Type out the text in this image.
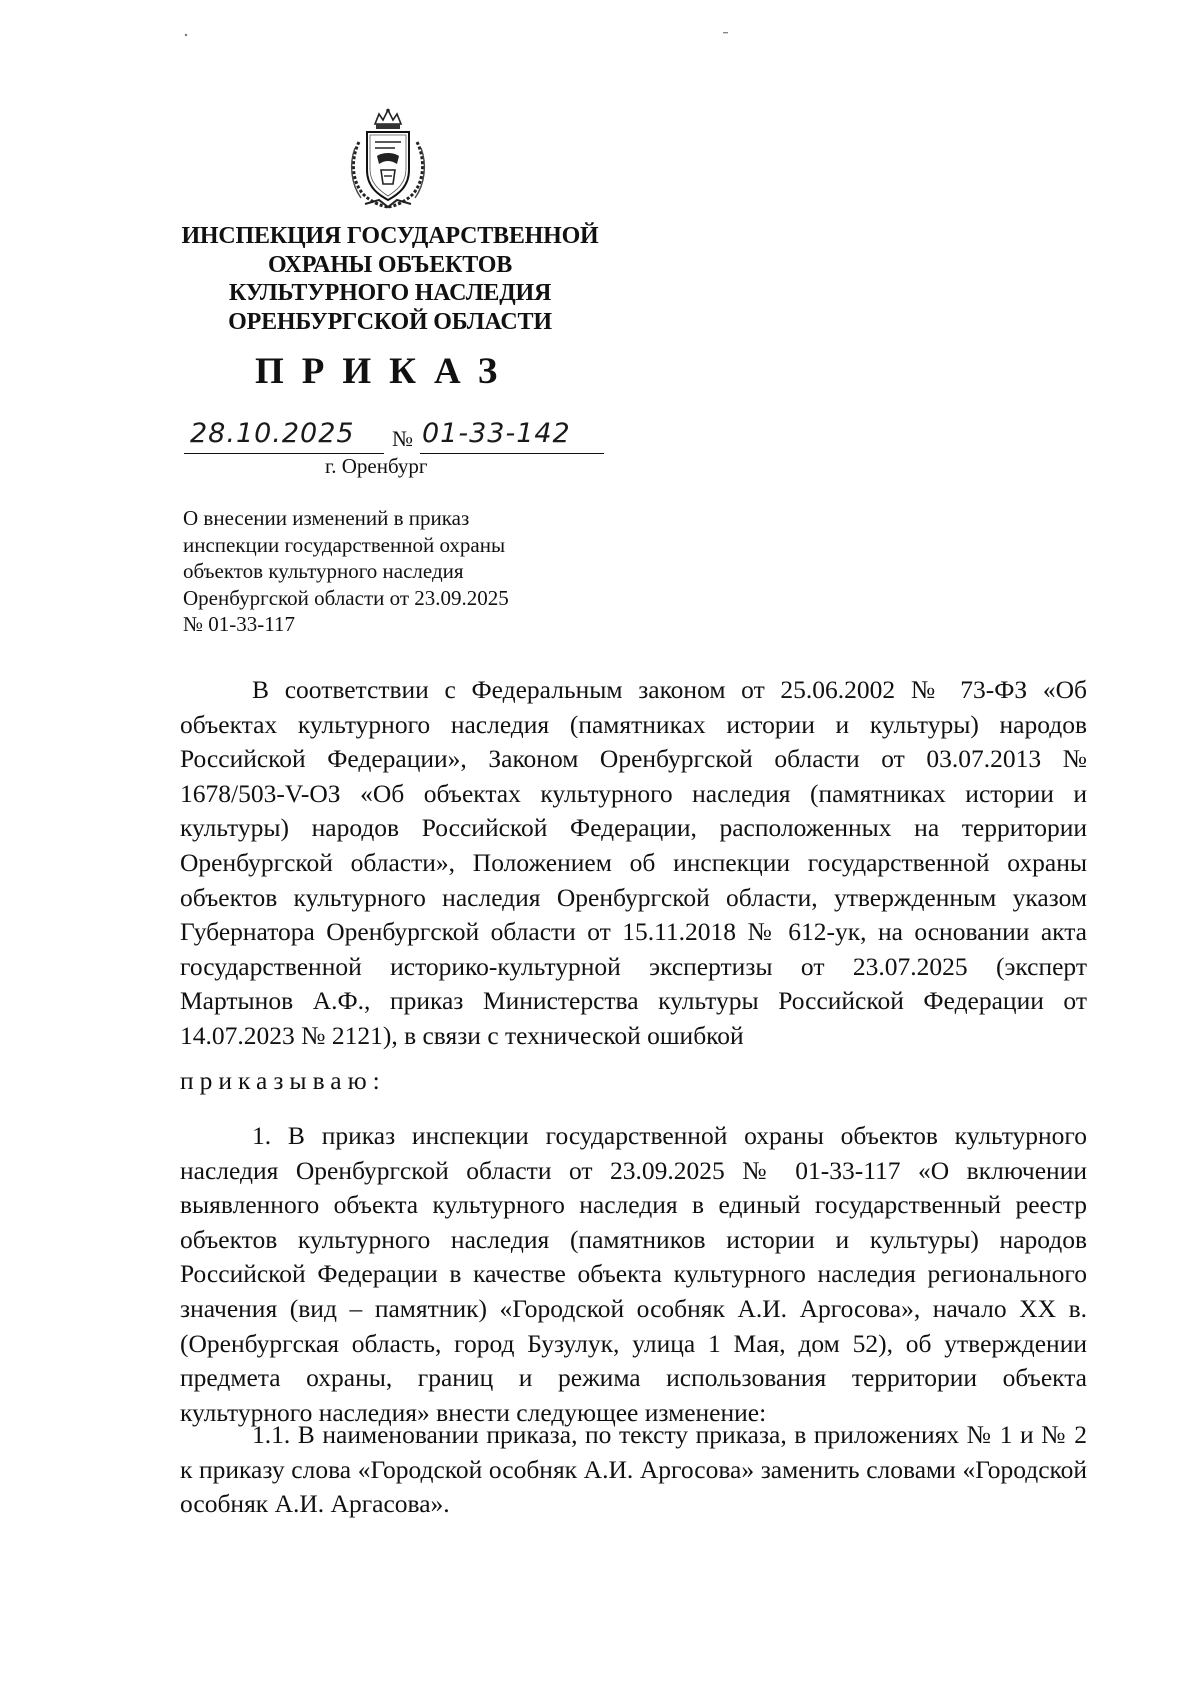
ИНСПЕКЦИЯ ГОСУДАРСТВЕННОЙ
ОХРАНЫ ОБЪЕКТОВ
КУЛЬТУРНОГО НАСЛЕДИЯ
ОРЕНБУРГСКОЙ ОБЛАСТИ
ПРИКАЗ
28.10.2025 № 01-33-142
г. Оренбург
О внесении изменений в приказ
инспекции государственной охраны
объектов культурного наследия
Оренбургской области от 23.09.2025
№ 01-33-117

В соответствии с Федеральным законом от 25.06.2002 № 73-ФЗ «Об объектах культурного наследия (памятниках истории и культуры) народов Российской Федерации», Законом Оренбургской области от 03.07.2013 № 1678/503-V-ОЗ «Об объектах культурного наследия (памятниках истории и культуры) народов Российской Федерации, расположенных на территории Оренбургской области», Положением об инспекции государственной охраны объектов культурного наследия Оренбургской области, утвержденным указом Губернатора Оренбургской области от 15.11.2018 № 612-ук, на основании акта государственной историко-культурной экспертизы от 23.07.2025 (эксперт Мартынов А.Ф., приказ Министерства культуры Российской Федерации от 14.07.2023 № 2121), в связи с технической ошибкой

приказываю:

1. В приказ инспекции государственной охраны объектов культурного наследия Оренбургской области от 23.09.2025 № 01-33-117 «О включении выявленного объекта культурного наследия в единый государственный реестр объектов культурного наследия (памятников истории и культуры) народов Российской Федерации в качестве объекта культурного наследия регионального значения (вид – памятник) «Городской особняк А.И. Аргосова», начало XX в. (Оренбургская область, город Бузулук, улица 1 Мая, дом 52), об утверждении предмета охраны, границ и режима использования территории объекта культурного наследия» внести следующее изменение:

1.1. В наименовании приказа, по тексту приказа, в приложениях № 1 и № 2 к приказу слова «Городской особняк А.И. Аргосова» заменить словами «Городской особняк А.И. Аргасова».
